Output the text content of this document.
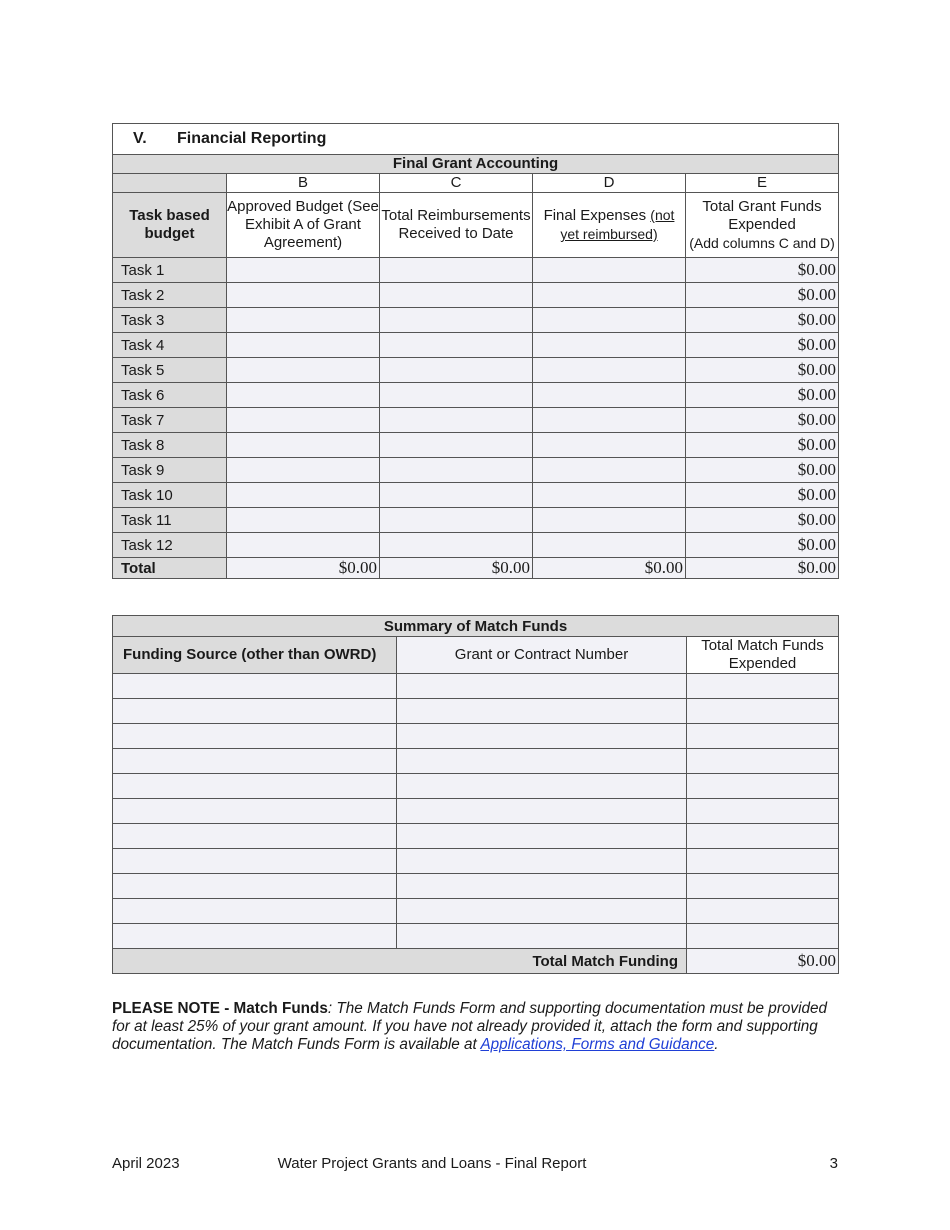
V. Financial Reporting				
Final Grant Accounting				
	B	C	D	E
Task based budget	Approved Budget (See Exhibit A of Grant Agreement)	Total Reimbursements Received to Date	Final Expenses (not yet reimbursed)	Total Grant Funds Expended
(Add columns C and D)

Task 1				$0.00
Task 2				$0.00
Task 3				$0.00
Task 4				$0.00
Task 5				$0.00
Task 6				$0.00
Task 7				$0.00
Task 8				$0.00
Task 9				$0.00
Task 10				$0.00
Task 11				$0.00
Task 12				$0.00
Total	$0.00	$0.00	$0.00	$0.00
Summary of Match Funds		
Funding Source (other than OWRD)	Grant or Contract Number	Total Match Funds Expended

Total Match Funding		$0.00
PLEASE NOTE - Match Funds: The Match Funds Form and supporting documentation must be provided for at least 25% of your grant amount. If you have not already provided it, attach the form and supporting documentation. The Match Funds Form is available at Applications, Forms and Guidance.
April 2023	Water Project Grants and Loans - Final Report	3
